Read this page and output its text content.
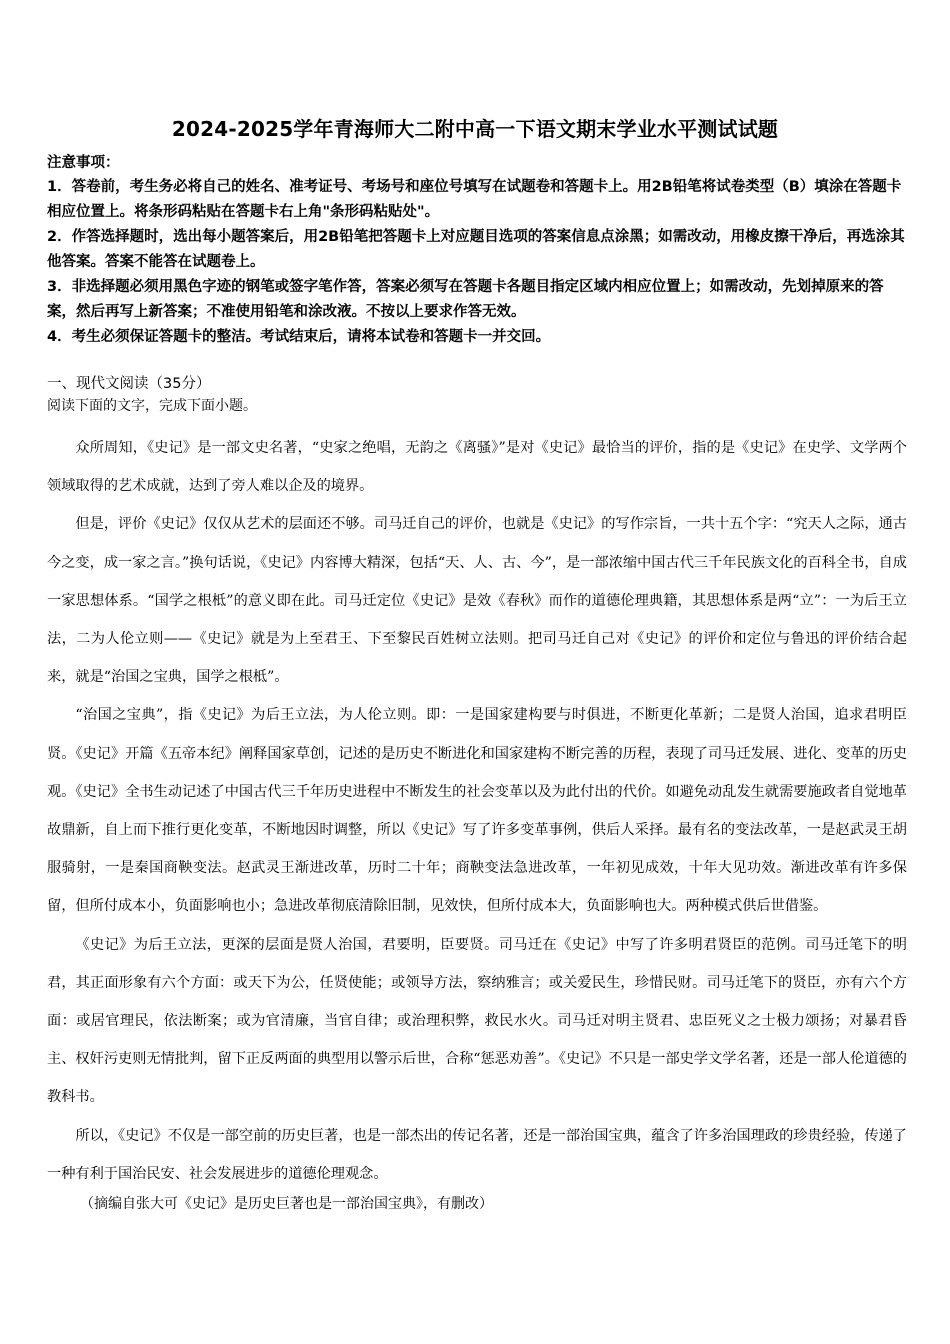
2024-2025学年青海师大二附中高一下语文期末学业水平测试试题
注意事项：

1．答卷前，考生务必将自己的姓名、准考证号、考场号和座位号填写在试题卷和答题卡上。用2B铅笔将试卷类型（B）填涂在答题卡相应位置上。将条形码粘贴在答题卡右上角"条形码粘贴处"。

2．作答选择题时，选出每小题答案后，用2B铅笔把答题卡上对应题目选项的答案信息点涂黑；如需改动，用橡皮擦干净后，再选涂其他答案。答案不能答在试题卷上。

3．非选择题必须用黑色字迹的钢笔或签字笔作答，答案必须写在答题卡各题目指定区域内相应位置上；如需改动，先划掉原来的答案，然后再写上新答案；不准使用铅笔和涂改液。不按以上要求作答无效。

4．考生必须保证答题卡的整洁。考试结束后，请将本试卷和答题卡一并交回。

一、现代文阅读（35分）
阅读下面的文字，完成下面小题。

众所周知，《史记》是一部文史名著，“史家之绝唱，无韵之《离骚》”是对《史记》最恰当的评价，指的是《史记》在史学、文学两个领域取得的艺术成就，达到了旁人难以企及的境界。

但是，评价《史记》仅仅从艺术的层面还不够。司马迁自己的评价，也就是《史记》的写作宗旨，一共十五个字：“究天人之际，通古今之变，成一家之言。”换句话说，《史记》内容博大精深，包括“天、人、古、今”，是一部浓缩中国古代三千年民族文化的百科全书，自成一家思想体系。“国学之根柢”的意义即在此。司马迁定位《史记》是效《春秋》而作的道德伦理典籍，其思想体系是两“立”：一为后王立法，二为人伦立则——《史记》就是为上至君王、下至黎民百姓树立法则。把司马迁自己对《史记》的评价和定位与鲁迅的评价结合起来，就是“治国之宝典，国学之根柢”。

“治国之宝典”，指《史记》为后王立法，为人伦立则。即：一是国家建构要与时俱进，不断更化革新；二是贤人治国，追求君明臣贤。《史记》开篇《五帝本纪》阐释国家草创，记述的是历史不断进化和国家建构不断完善的历程，表现了司马迁发展、进化、变革的历史观。《史记》全书生动记述了中国古代三千年历史进程中不断发生的社会变革以及为此付出的代价。如避免动乱发生就需要施政者自觉地革故鼎新，自上而下推行更化变革，不断地因时调整，所以《史记》写了许多变革事例，供后人采择。最有名的变法改革，一是赵武灵王胡服骑射，一是秦国商鞅变法。赵武灵王渐进改革，历时二十年；商鞅变法急进改革，一年初见成效，十年大见功效。渐进改革有许多保留，但所付成本小，负面影响也小；急进改革彻底清除旧制，见效快，但所付成本大，负面影响也大。两种模式供后世借鉴。

《史记》为后王立法，更深的层面是贤人治国，君要明，臣要贤。司马迁在《史记》中写了许多明君贤臣的范例。司马迁笔下的明君，其正面形象有六个方面：或天下为公，任贤使能；或领导方法，察纳雅言；或关爱民生，珍惜民财。司马迁笔下的贤臣，亦有六个方面：或居官理民，依法断案；或为官清廉，当官自律；或治理积弊，救民水火。司马迁对明主贤君、忠臣死义之士极力颂扬；对暴君昏主、权奸污吏则无情批判，留下正反两面的典型用以警示后世，合称“惩恶劝善”。《史记》不只是一部史学文学名著，还是一部人伦道德的教科书。

所以，《史记》不仅是一部空前的历史巨著，也是一部杰出的传记名著，还是一部治国宝典，蕴含了许多治国理政的珍贵经验，传递了一种有利于国治民安、社会发展进步的道德伦理观念。

（摘编自张大可《史记》是历史巨著也是一部治国宝典》，有删改）
